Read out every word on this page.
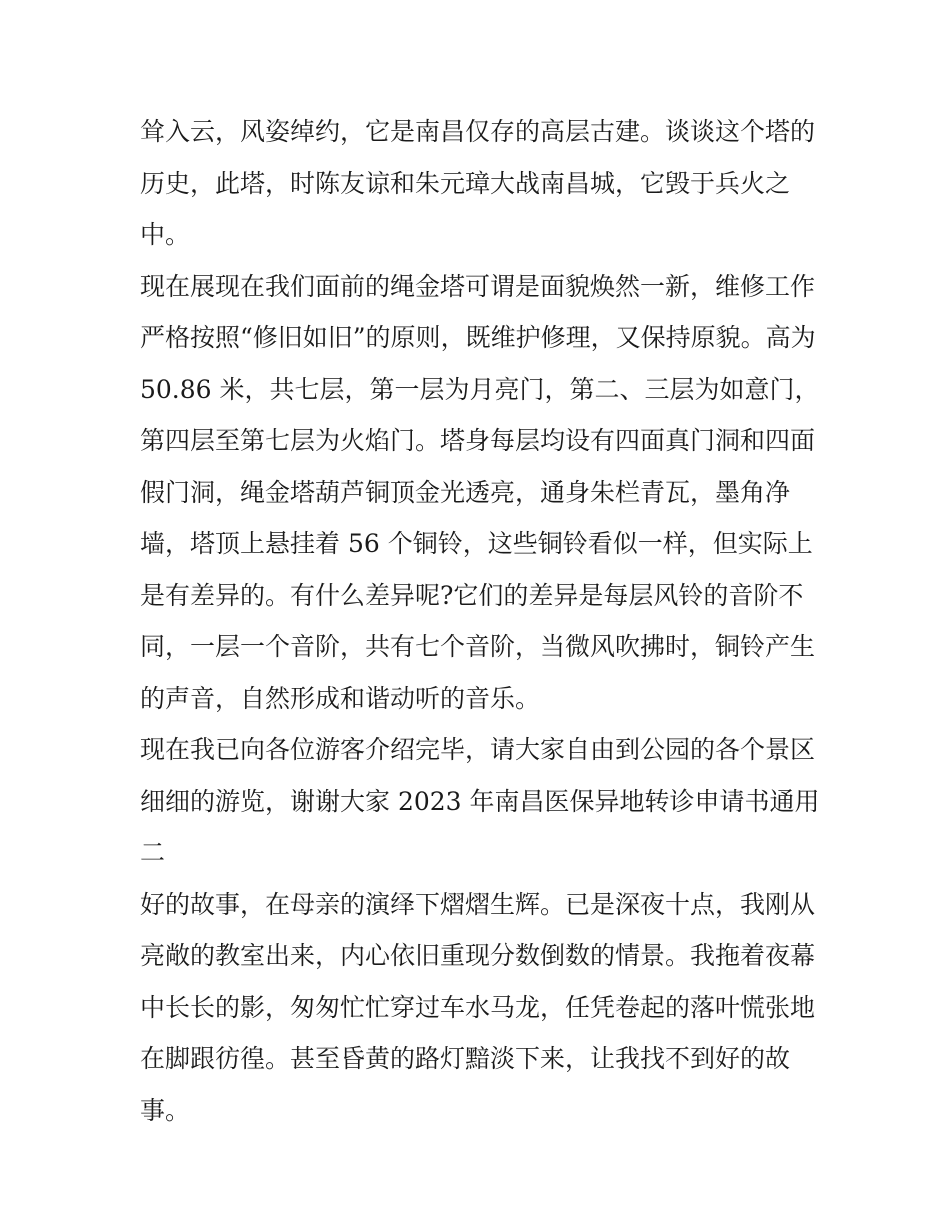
耸入云，风姿绰约，它是南昌仅存的高层古建。谈谈这个塔的
历史，此塔，时陈友谅和朱元璋大战南昌城，它毁于兵火之
中。

现在展现在我们面前的绳金塔可谓是面貌焕然一新，维修工作
严格按照“修旧如旧”的原则，既维护修理，又保持原貌。高为
50.86 米，共七层，第一层为月亮门，第二、三层为如意门，
第四层至第七层为火焰门。塔身每层均设有四面真门洞和四面
假门洞，绳金塔葫芦铜顶金光透亮，通身朱栏青瓦，墨角净
墙，塔顶上悬挂着 56 个铜铃，这些铜铃看似一样，但实际上
是有差异的。有什么差异呢?它们的差异是每层风铃的音阶不
同，一层一个音阶，共有七个音阶，当微风吹拂时，铜铃产生
的声音，自然形成和谐动听的音乐。

现在我已向各位游客介绍完毕，请大家自由到公园的各个景区
细细的游览，谢谢大家 2023 年南昌医保异地转诊申请书通用
二

好的故事，在母亲的演绎下熠熠生辉。已是深夜十点，我刚从
亮敞的教室出来，内心依旧重现分数倒数的情景。我拖着夜幕
中长长的影，匆匆忙忙穿过车水马龙，任凭卷起的落叶慌张地
在脚跟彷徨。甚至昏黄的路灯黯淡下来，让我找不到好的故
事。
